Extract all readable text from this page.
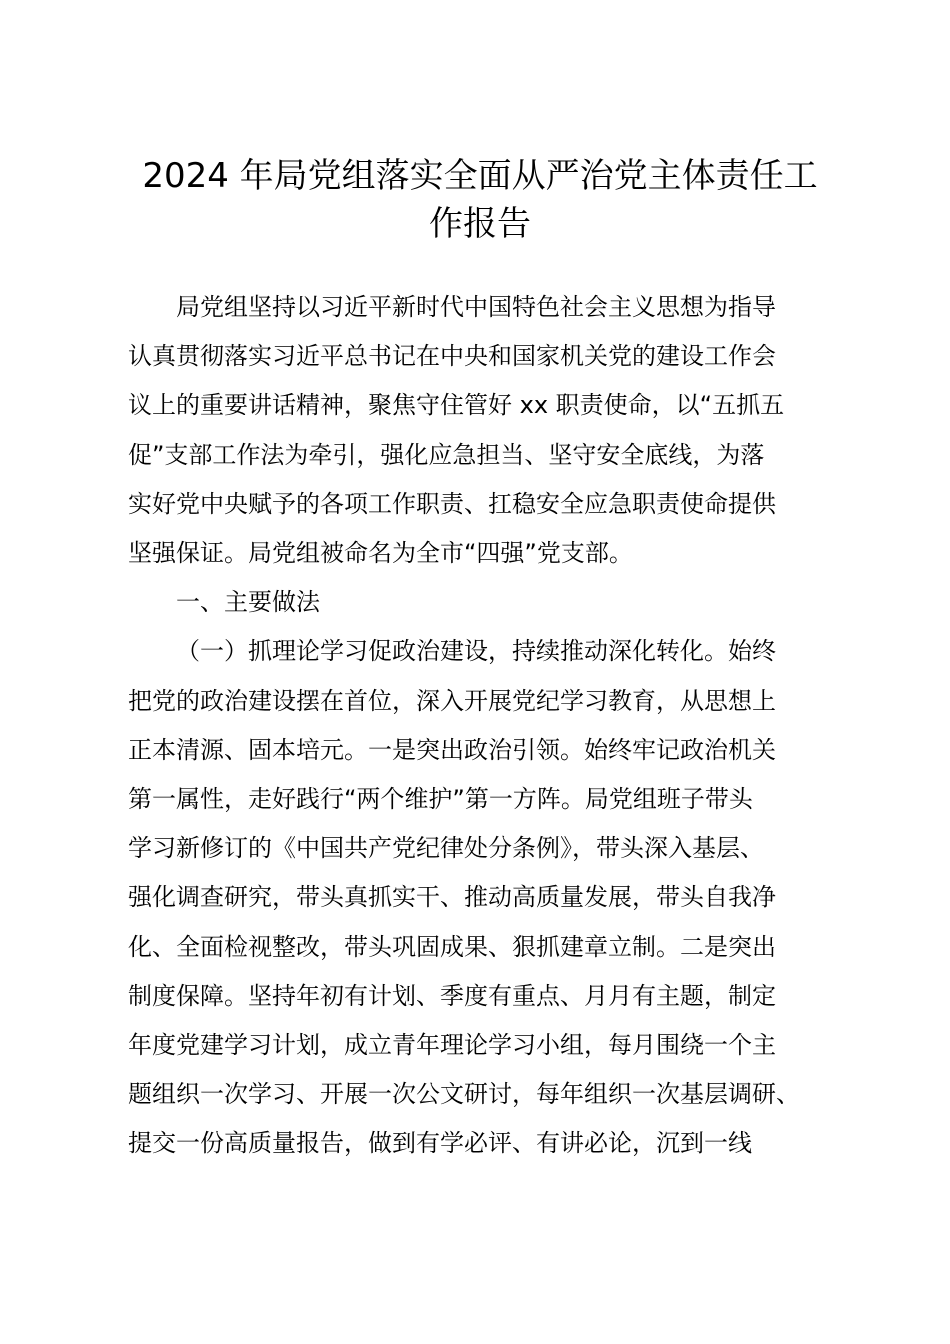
2024 年局党组落实全面从严治党主体责任工
作报告

局党组坚持以习近平新时代中国特色社会主义思想为指导
认真贯彻落实习近平总书记在中央和国家机关党的建设工作会
议上的重要讲话精神，聚焦守住管好 xx 职责使命，以“五抓五
促”支部工作法为牵引，强化应急担当、坚守安全底线，为落
实好党中央赋予的各项工作职责、扛稳安全应急职责使命提供
坚强保证。局党组被命名为全市“四强”党支部。

一、主要做法

（一）抓理论学习促政治建设，持续推动深化转化。始终
把党的政治建设摆在首位，深入开展党纪学习教育，从思想上
正本清源、固本培元。一是突出政治引领。始终牢记政治机关
第一属性，走好践行“两个维护”第一方阵。局党组班子带头
学习新修订的《中国共产党纪律处分条例》，带头深入基层、
强化调查研究，带头真抓实干、推动高质量发展，带头自我净
化、全面检视整改，带头巩固成果、狠抓建章立制。二是突出
制度保障。坚持年初有计划、季度有重点、月月有主题，制定
年度党建学习计划，成立青年理论学习小组，每月围绕一个主
题组织一次学习、开展一次公文研讨，每年组织一次基层调研、
提交一份高质量报告，做到有学必评、有讲必论，沉到一线
